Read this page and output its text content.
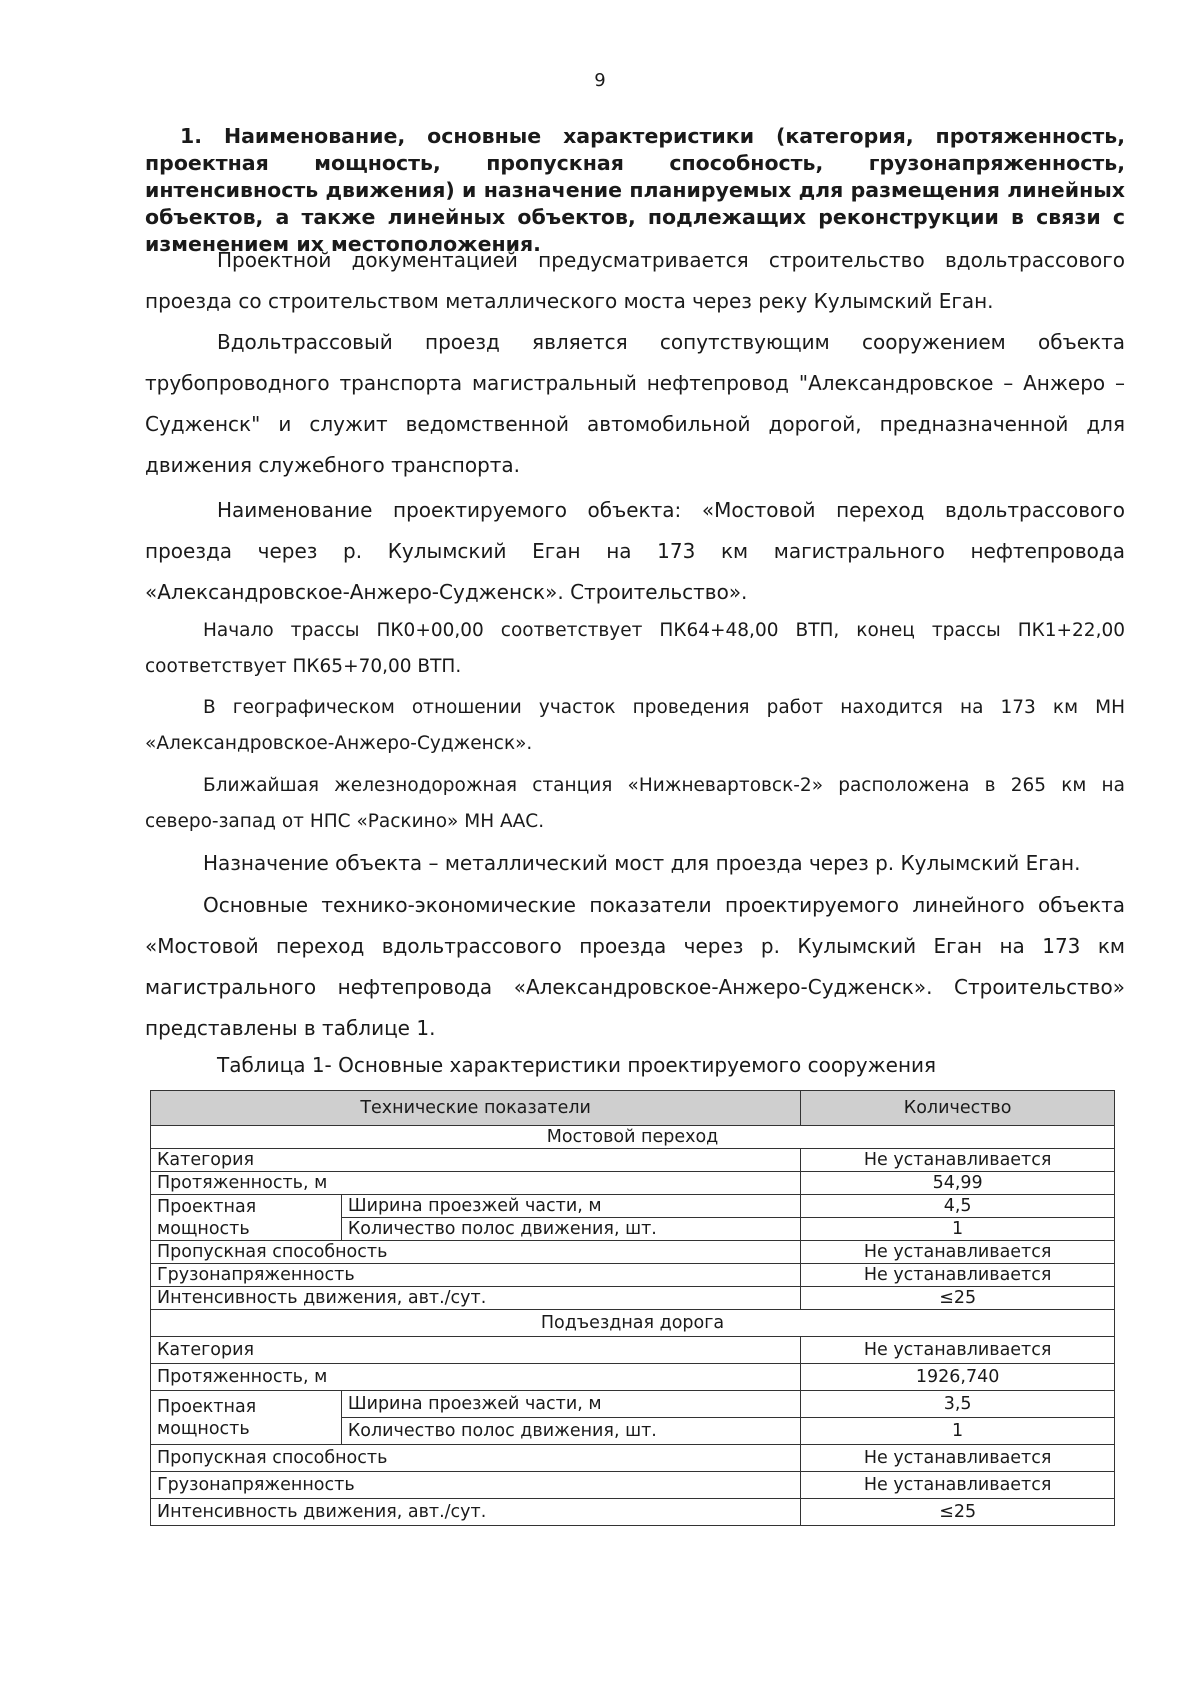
9
1. Наименование, основные характеристики (категория, протяженность, проектная мощность, пропускная способность, грузонапряженность, интенсивность движения) и назначение планируемых для размещения линейных объектов, а также линейных объектов, подлежащих реконструкции в связи с изменением их местоположения.
Проектной документацией предусматривается строительство вдольтрассового проезда со строительством металлического моста через реку Кулымский Еган.
Вдольтрассовый проезд является сопутствующим сооружением объекта трубопроводного транспорта магистральный нефтепровод "Александровское – Анжеро – Судженск" и служит ведомственной автомобильной дорогой, предназначенной для движения служебного транспорта.
Наименование проектируемого объекта: «Мостовой переход вдольтрассового проезда через р. Кулымский Еган на 173 км магистрального нефтепровода «Александровское-Анжеро-Судженск». Строительство».
Начало трассы ПК0+00,00 соответствует ПК64+48,00 ВТП, конец трассы ПК1+22,00 соответствует ПК65+70,00 ВТП.
В географическом отношении участок проведения работ находится на 173 км МН «Александровское-Анжеро-Судженск».
Ближайшая железнодорожная станция «Нижневартовск-2» расположена в 265 км на северо-запад от НПС «Раскино» МН ААС.
Назначение объекта – металлический мост для проезда через р. Кулымский Еган.
Основные технико-экономические показатели проектируемого линейного объекта «Мостовой переход вдольтрассового проезда через р. Кулымский Еган на 173 км магистрального нефтепровода «Александровское-Анжеро-Судженск». Строительство» представлены в таблице 1.
Таблица 1- Основные характеристики проектируемого сооружения
Технические показатели		Количество
Мостовой переход		
Категория		Не устанавливается
Протяженность, м		54,99
Проектная мощность	Ширина проезжей части, м	4,5
	Количество полос движения, шт.	1
Пропускная способность		Не устанавливается
Грузонапряженность		Не устанавливается
Интенсивность движения, авт./сут.		≤25
Подъездная дорога		
Категория		Не устанавливается
Протяженность, м		1926,740
Проектная мощность	Ширина проезжей части, м	3,5
	Количество полос движения, шт.	1
Пропускная способность		Не устанавливается
Грузонапряженность		Не устанавливается
Интенсивность движения, авт./сут.		≤25
